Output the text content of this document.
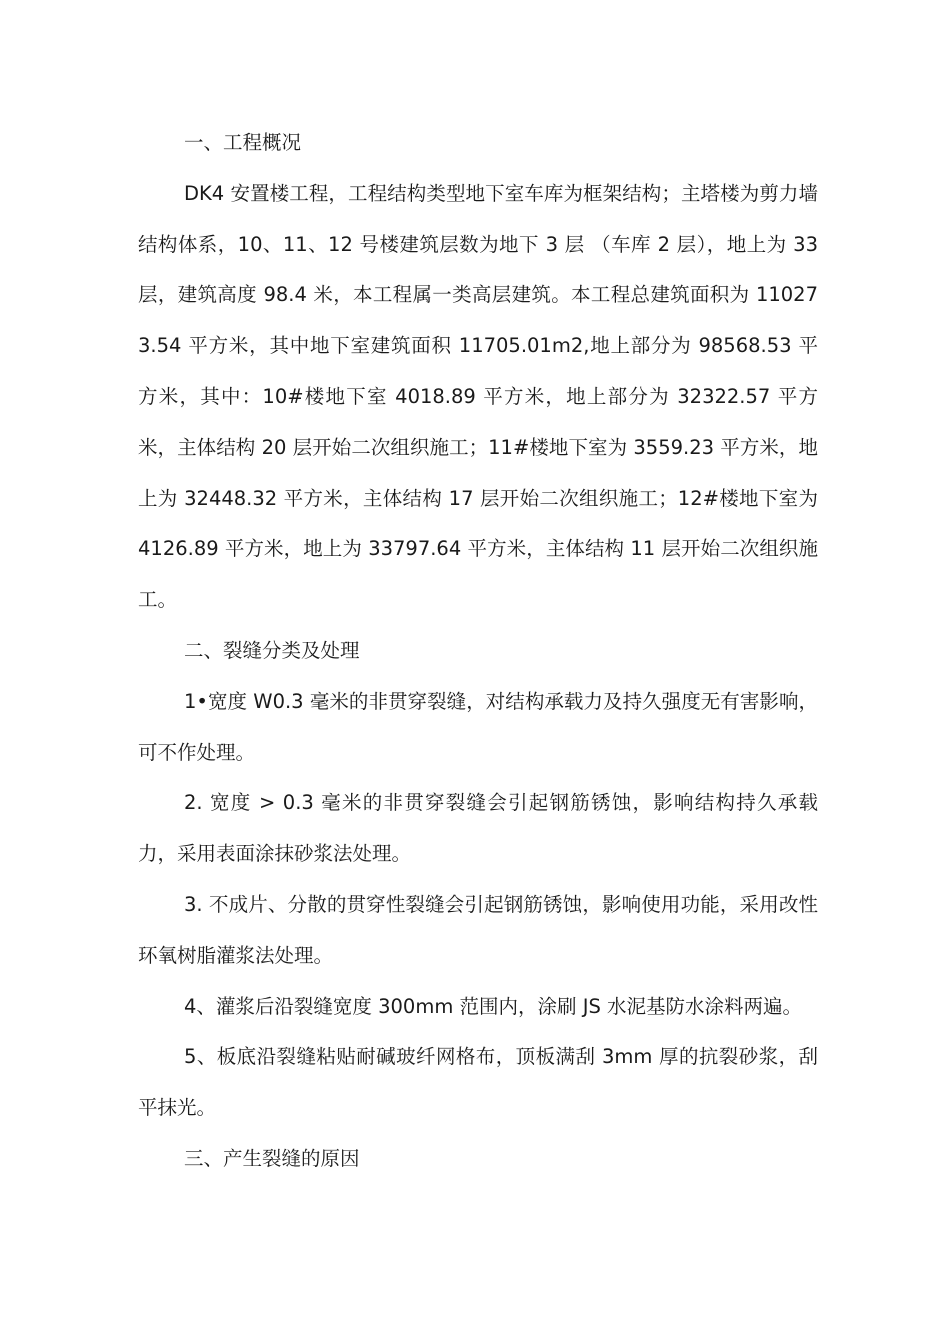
一、工程概况

DK4 安置楼工程，工程结构类型地下室车库为框架结构；主塔楼为剪力墙结构体系，10、11、12 号楼建筑层数为地下 3 层 （车库 2 层），地上为 33 层，建筑高度 98.4 米，本工程属一类高层建筑。本工程总建筑面积为 110273.54 平方米，其中地下室建筑面积 11705.01m2,地上部分为 98568.53 平方米，其中：10#楼地下室 4018.89 平方米，地上部分为 32322.57 平方米，主体结构 20 层开始二次组织施工；11#楼地下室为 3559.23 平方米，地上为 32448.32 平方米，主体结构 17 层开始二次组织施工；12#楼地下室为 4126.89 平方米，地上为 33797.64 平方米，主体结构 11 层开始二次组织施工。

二、裂缝分类及处理

1•宽度 W0.3 毫米的非贯穿裂缝，对结构承载力及持久强度无有害影响，可不作处理。

2. 宽度 > 0.3 毫米的非贯穿裂缝会引起钢筋锈蚀，影响结构持久承载力，采用表面涂抹砂浆法处理。

3. 不成片、分散的贯穿性裂缝会引起钢筋锈蚀，影响使用功能，采用改性环氧树脂灌浆法处理。

4、灌浆后沿裂缝宽度 300mm 范围内，涂刷 JS 水泥基防水涂料两遍。

5、板底沿裂缝粘贴耐碱玻纤网格布，顶板满刮 3mm 厚的抗裂砂浆，刮平抹光。

三、产生裂缝的原因
